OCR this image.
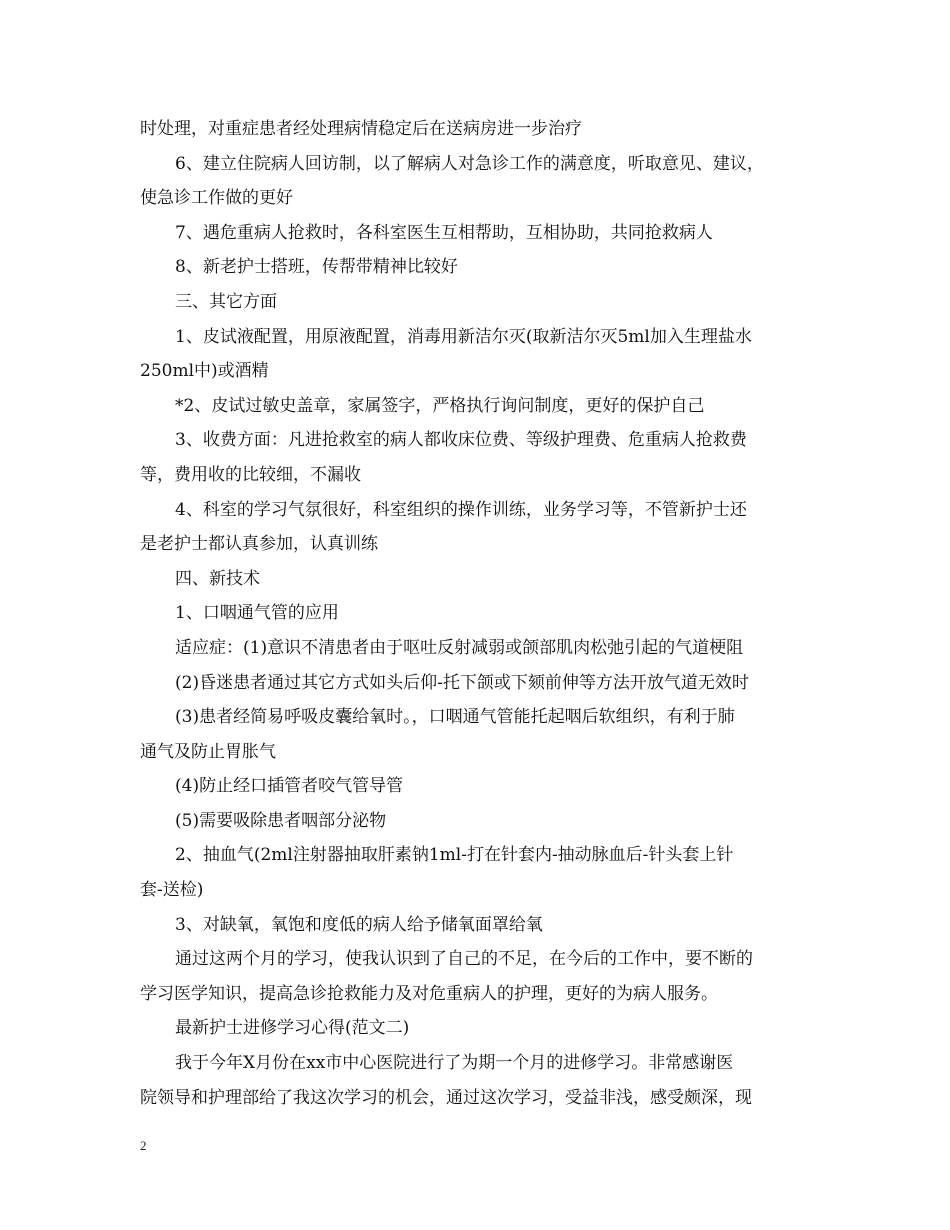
时处理，对重症患者经处理病情稳定后在送病房进一步治疗
6、建立住院病人回访制，以了解病人对急诊工作的满意度，听取意见、建议，
使急诊工作做的更好
7、遇危重病人抢救时，各科室医生互相帮助，互相协助，共同抢救病人
8、新老护士搭班，传帮带精神比较好
三、其它方面
1、皮试液配置，用原液配置，消毒用新洁尔灭(取新洁尔灭5ml加入生理盐水
250ml中)或酒精
*2、皮试过敏史盖章，家属签字，严格执行询问制度，更好的保护自己
3、收费方面：凡进抢救室的病人都收床位费、等级护理费、危重病人抢救费
等，费用收的比较细，不漏收
4、科室的学习气氛很好，科室组织的操作训练，业务学习等，不管新护士还
是老护士都认真参加，认真训练
四、新技术
1、口咽通气管的应用
适应症：(1)意识不清患者由于呕吐反射减弱或颌部肌肉松弛引起的气道梗阻
(2)昏迷患者通过其它方式如头后仰-托下颌或下颏前伸等方法开放气道无效时
(3)患者经简易呼吸皮囊给氧时。，口咽通气管能托起咽后软组织，有利于肺
通气及防止胃胀气
(4)防止经口插管者咬气管导管
(5)需要吸除患者咽部分泌物
2、抽血气(2ml注射器抽取肝素钠1ml-打在针套内-抽动脉血后-针头套上针
套-送检)
3、对缺氧，氧饱和度低的病人给予储氧面罩给氧
通过这两个月的学习，使我认识到了自己的不足，在今后的工作中，要不断的
学习医学知识，提高急诊抢救能力及对危重病人的护理，更好的为病人服务。
最新护士进修学习心得(范文二)
我于今年X月份在xx市中心医院进行了为期一个月的进修学习。非常感谢医
院领导和护理部给了我这次学习的机会，通过这次学习，受益非浅，感受颇深，现
2
